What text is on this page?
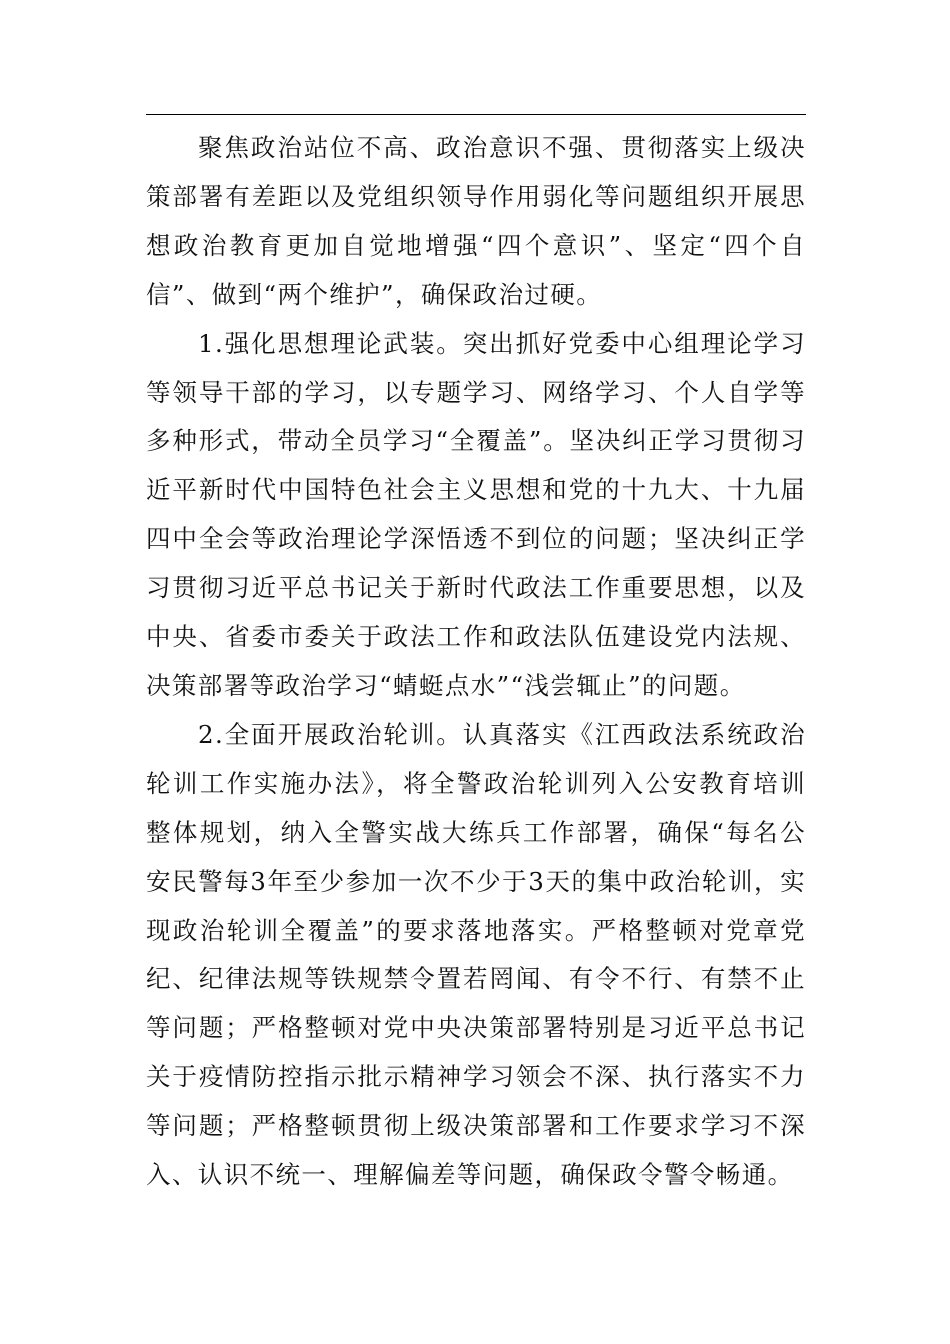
聚焦政治站位不高、政治意识不强、贯彻落实上级决策部署有差距以及党组织领导作用弱化等问题组织开展思想政治教育更加自觉地增强“四个意识”、坚定“四个自信”、做到“两个维护”，确保政治过硬。

1.强化思想理论武装。突出抓好党委中心组理论学习等领导干部的学习，以专题学习、网络学习、个人自学等多种形式，带动全员学习“全覆盖”。坚决纠正学习贯彻习近平新时代中国特色社会主义思想和党的十九大、十九届四中全会等政治理论学深悟透不到位的问题；坚决纠正学习贯彻习近平总书记关于新时代政法工作重要思想，以及中央、省委市委关于政法工作和政法队伍建设党内法规、决策部署等政治学习“蜻蜓点水”“浅尝辄止”的问题。

2.全面开展政治轮训。认真落实《江西政法系统政治轮训工作实施办法》，将全警政治轮训列入公安教育培训整体规划，纳入全警实战大练兵工作部署，确保“每名公安民警每3年至少参加一次不少于3天的集中政治轮训，实现政治轮训全覆盖”的要求落地落实。严格整顿对党章党纪、纪律法规等铁规禁令置若罔闻、有令不行、有禁不止等问题；严格整顿对党中央决策部署特别是习近平总书记关于疫情防控指示批示精神学习领会不深、执行落实不力等问题；严格整顿贯彻上级决策部署和工作要求学习不深入、认识不统一、理解偏差等问题，确保政令警令畅通。
